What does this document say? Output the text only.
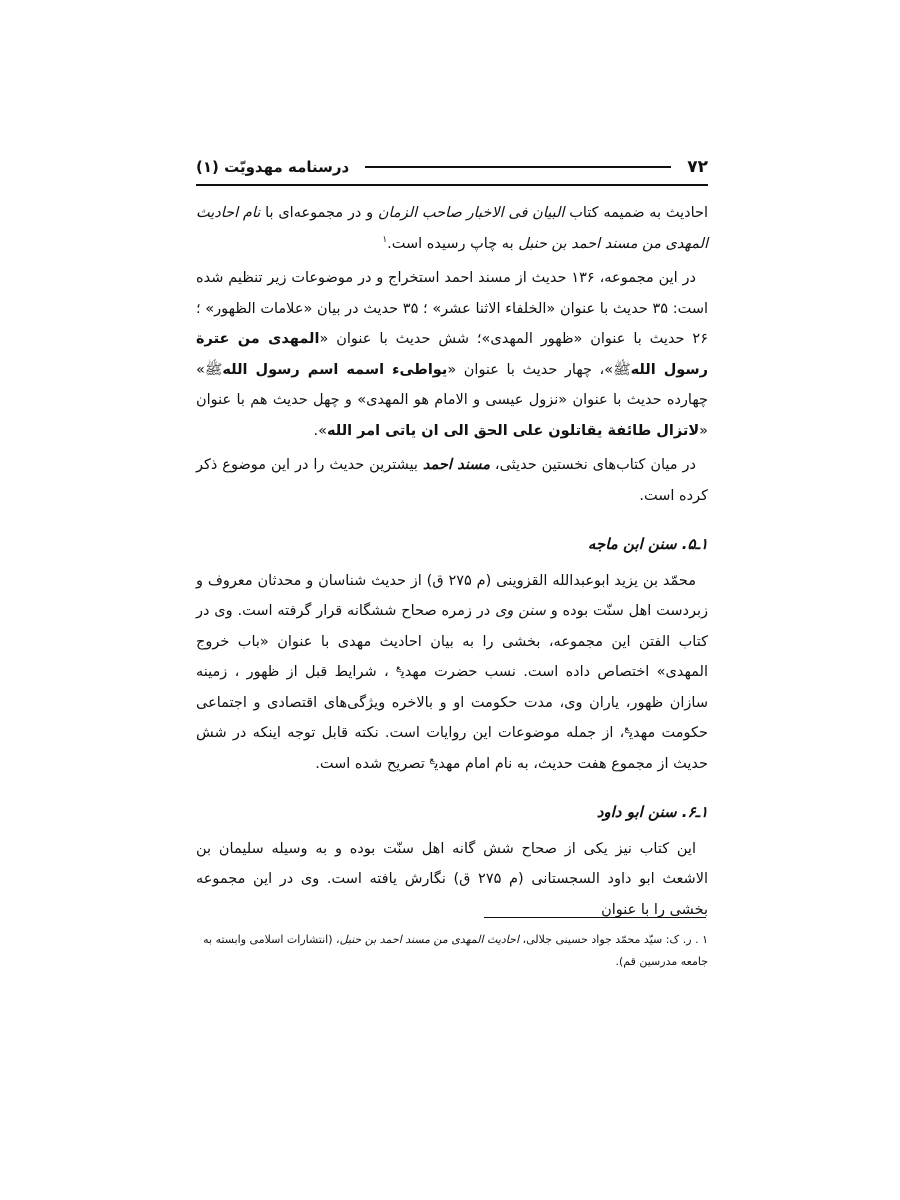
۷۲
درسنامه مهدویّت (۱)

احادیث به ضمیمه کتاب البیان فی الاخبار صاحب الزمان و در مجموعه‌ای با نام احادیث المهدی من مسند احمد بن حنبل به چاپ رسیده است.$^۱$

در این مجموعه، ۱۳۶ حدیث از مسند احمد استخراج و در موضوعات زیر تنظیم شده است: ۳۵ حدیث با عنوان «الخلفاء الاثنا عشر» ؛ ۳۵ حدیث در بیان «علامات الظهور» ؛ ۲۶ حدیث با عنوان «ظهور المهدی»؛ شش حدیث با عنوان «المهدی من عترة رسول اللهﷺ»، چهار حدیث با عنوان «یواطیء اسمه اسم رسول اللهﷺ» چهارده حدیث با عنوان «نزول عیسی و الامام هو المهدی» و چهل حدیث هم با عنوان «لاتزال طائفة یقاتلون علی الحق الی ان یاتی امر الله».

در میان کتاب‌های نخستین حدیثی، مسند احمد بیشترین حدیث را در این موضوع ذکر کرده است.

۱ـ۵. سنن ابن ماجه

محمّد بن یزید ابوعبدالله القزوینی (م ۲۷۵ ق) از حدیث شناسان و محدثان معروف و زبردست اهل سنّت بوده و سنن وی در زمره صحاح ششگانه قرار گرفته است. وی در کتاب الفتن این مجموعه، بخشی را به بیان احادیث مهدی با عنوان «باب خروج المهدی» اختصاص داده است. نسب حضرت مهدی$^ع$ ، شرایط قبل از ظهور ، زمینه سازان ظهور، یاران وی، مدت حکومت او و بالاخره ویژگی‌های اقتصادی و اجتماعی حکومت مهدی$^ع$، از جمله موضوعات این روایات است. نکته قابل توجه اینکه در شش حدیث از مجموع هفت حدیث، به نام امام مهدی$^ع$ تصریح شده است.

۱ـ۶. سنن ابو داود

این کتاب نیز یکی از صحاح شش گانه اهل سنّت بوده و به وسیله سلیمان بن الاشعث ابو داود السجستانی (م ۲۷۵ ق) نگارش یافته است. وی در این مجموعه بخشی را با عنوان

۱ . ر. ک: سیّد محمّد جواد حسینی جلالی، احادیث المهدی من مسند احمد بن حنبل، (انتشارات اسلامی وابسته به جامعه مدرسین قم).
